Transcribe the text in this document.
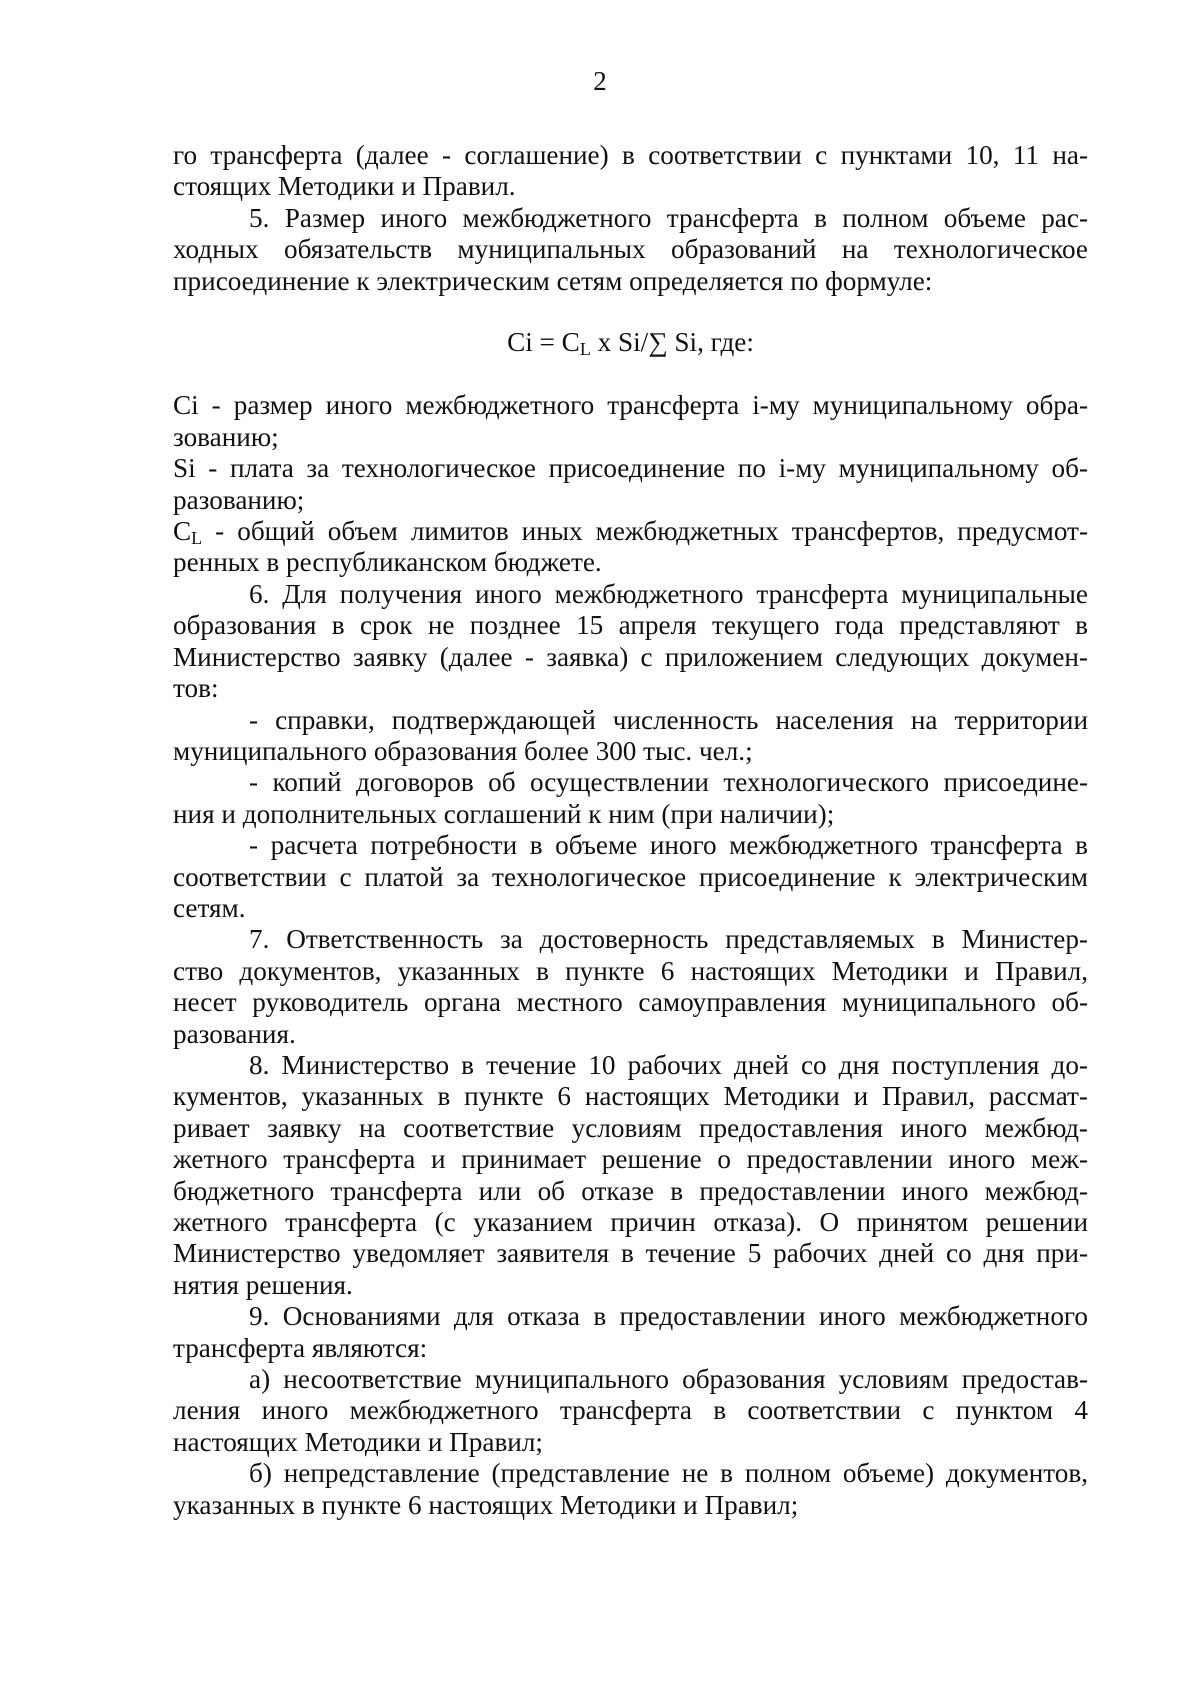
2

го трансферта (далее - соглашение) в соответствии с пунктами 10, 11 на-

стоящих Методики и Правил.

5. Размер иного межбюджетного трансферта в полном объеме рас-

ходных обязательств муниципальных образований на технологическое

присоединение к электрическим сетям определяется по формуле:

$Ci = C_L$ x Si/∑ Si, где:

Ci - размер иного межбюджетного трансферта i-му муниципальному обра-

зованию;

Si - плата за технологическое присоединение по i-му муниципальному об-

разованию;

$C_L$ - общий объем лимитов иных межбюджетных трансфертов, предусмот-

ренных в республиканском бюджете.

6. Для получения иного межбюджетного трансферта муниципальные

образования в срок не позднее 15 апреля текущего года представляют в

Министерство заявку (далее - заявка) с приложением следующих докумен-

тов:

- справки, подтверждающей численность населения на территории

муниципального образования более 300 тыс. чел.;

- копий договоров об осуществлении технологического присоедине-

ния и дополнительных соглашений к ним (при наличии);

- расчета потребности в объеме иного межбюджетного трансферта в

соответствии с платой за технологическое присоединение к электрическим

сетям.

7. Ответственность за достоверность представляемых в Министер-

ство документов, указанных в пункте 6 настоящих Методики и Правил,

несет руководитель органа местного самоуправления муниципального об-

разования.

8. Министерство в течение 10 рабочих дней со дня поступления до-

кументов, указанных в пункте 6 настоящих Методики и Правил, рассмат-

ривает заявку на соответствие условиям предоставления иного межбюд-

жетного трансферта и принимает решение о предоставлении иного меж-

бюджетного трансферта или об отказе в предоставлении иного межбюд-

жетного трансферта (с указанием причин отказа). О принятом решении

Министерство уведомляет заявителя в течение 5 рабочих дней со дня при-

нятия решения.

9. Основаниями для отказа в предоставлении иного межбюджетного

трансферта являются:

а) несоответствие муниципального образования условиям предостав-

ления иного межбюджетного трансферта в соответствии с пунктом 4

настоящих Методики и Правил;

б) непредставление (представление не в полном объеме) документов,

указанных в пункте 6 настоящих Методики и Правил;
